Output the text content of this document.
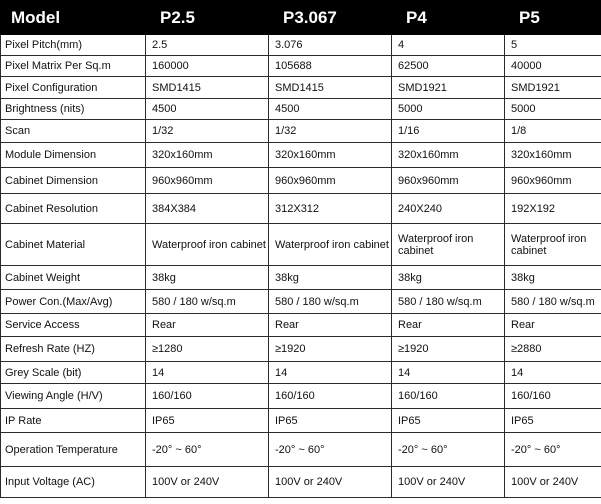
Model	P2.5	P3.067	P4	P5
Pixel Pitch(mm)	2.5	3.076	4	5
Pixel Matrix Per Sq.m	160000	105688	62500	40000
Pixel Configuration	SMD1415	SMD1415	SMD1921	SMD1921
Brightness (nits)	4500	4500	5000	5000
Scan	1/32	1/32	1/16	1/8
Module Dimension	320x160mm	320x160mm	320x160mm	320x160mm
Cabinet Dimension	960x960mm	960x960mm	960x960mm	960x960mm
Cabinet Resolution	384X384	312X312	240X240	192X192
Cabinet Material	Waterproof iron cabinet	Waterproof iron cabinet	Waterproof iron cabinet	Waterproof iron cabinet
Cabinet Weight	38kg	38kg	38kg	38kg
Power Con.(Max/Avg)	580 / 180 w/sq.m	580 / 180 w/sq.m	580 / 180 w/sq.m	580 / 180 w/sq.m
Service Access	Rear	Rear	Rear	Rear
Refresh Rate (HZ)	≥1280	≥1920	≥1920	≥2880
Grey Scale (bit)	14	14	14	14
Viewing Angle (H/V)	160/160	160/160	160/160	160/160
IP Rate	IP65	IP65	IP65	IP65
Operation Temperature	-20° ~ 60°	-20° ~ 60°	-20° ~ 60°	-20° ~ 60°
Input Voltage (AC)	100V or 240V	100V or 240V	100V or 240V	100V or 240V
